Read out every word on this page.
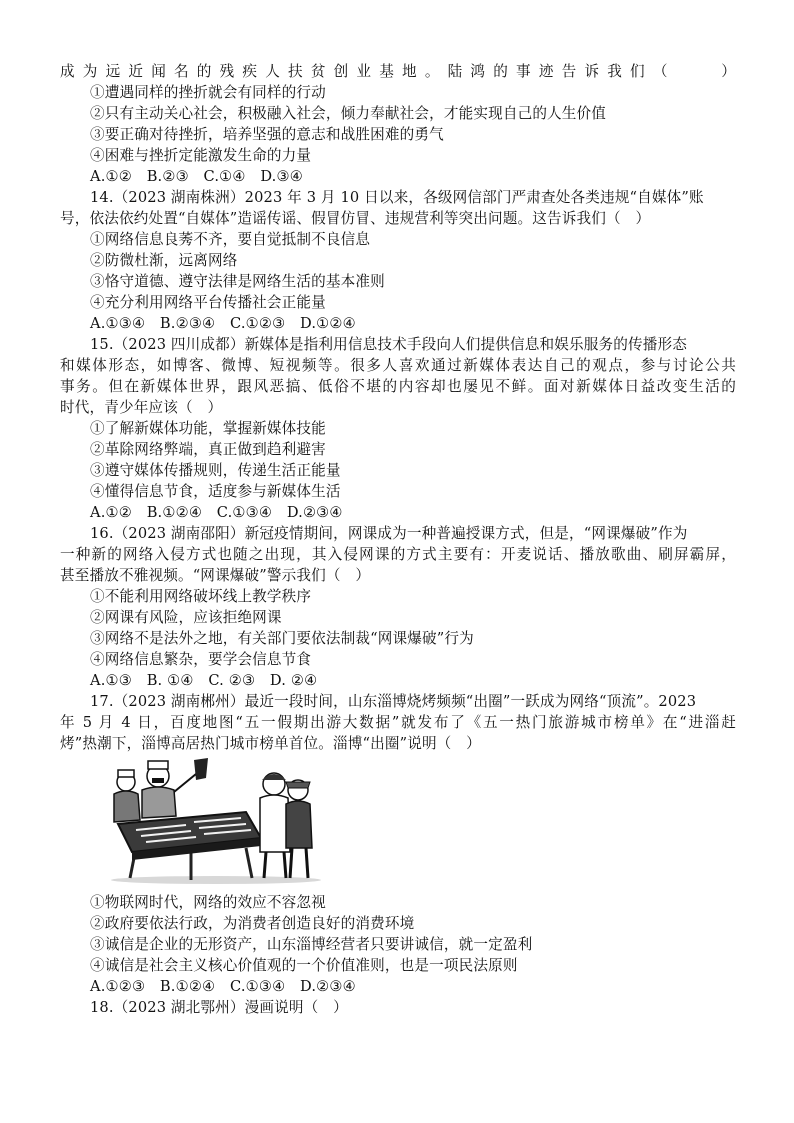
成为远近闻名的残疾人扶贫创业基地。陆鸿的事迹告诉我们（　　）
①遭遇同样的挫折就会有同样的行动
②只有主动关心社会，积极融入社会，倾力奉献社会，才能实现自己的人生价值
③要正确对待挫折，培养坚强的意志和战胜困难的勇气
④困难与挫折定能激发生命的力量
A.①②　B.②③　C.①④　D.③④
14.（2023 湖南株洲）2023 年 3 月 10 日以来，各级网信部门严肃查处各类违规“自媒体”账
号，依法依约处置“自媒体”造谣传谣、假冒仿冒、违规营利等突出问题。这告诉我们（　）
①网络信息良莠不齐，要自觉抵制不良信息
②防微杜渐，远离网络
③恪守道德、遵守法律是网络生活的基本准则
④充分利用网络平台传播社会正能量
A.①③④　B.②③④　C.①②③　D.①②④
15.（2023 四川成都）新媒体是指利用信息技术手段向人们提供信息和娱乐服务的传播形态
和媒体形态，如博客、微博、短视频等。很多人喜欢通过新媒体表达自己的观点，参与讨论公共
事务。但在新媒体世界，跟风恶搞、低俗不堪的内容却也屡见不鲜。面对新媒体日益改变生活的
时代，青少年应该（　）
①了解新媒体功能，掌握新媒体技能
②革除网络弊端，真正做到趋利避害
③遵守媒体传播规则，传递生活正能量
④懂得信息节食，适度参与新媒体生活
A.①②　B.①②④　C.①③④　D.②③④
16.（2023 湖南邵阳）新冠疫情期间，网课成为一种普遍授课方式，但是，“网课爆破”作为
一种新的网络入侵方式也随之出现，其入侵网课的方式主要有：开麦说话、播放歌曲、刷屏霸屏，
甚至播放不雅视频。“网课爆破”警示我们（　）
①不能利用网络破坏线上教学秩序
②网课有风险，应该拒绝网课
③网络不是法外之地，有关部门要依法制裁“网课爆破”行为
④网络信息繁杂，要学会信息节食
A.①③　B. ①④　C. ②③　D. ②④
17.（2023 湖南郴州）最近一段时间，山东淄博烧烤频频“出圈”一跃成为网络“顶流”。2023
年 5 月 4 日，百度地图“五一假期出游大数据”就发布了《五一热门旅游城市榜单》在“进淄赶
烤”热潮下，淄博高居热门城市榜单首位。淄博“出圈”说明（　）
①物联网时代，网络的效应不容忽视
②政府要依法行政，为消费者创造良好的消费环境
③诚信是企业的无形资产，山东淄博经营者只要讲诚信，就一定盈利
④诚信是社会主义核心价值观的一个价值准则，也是一项民法原则
A.①②③　B.①②④　C.①③④　D.②③④
18.（2023 湖北鄂州）漫画说明（　）
